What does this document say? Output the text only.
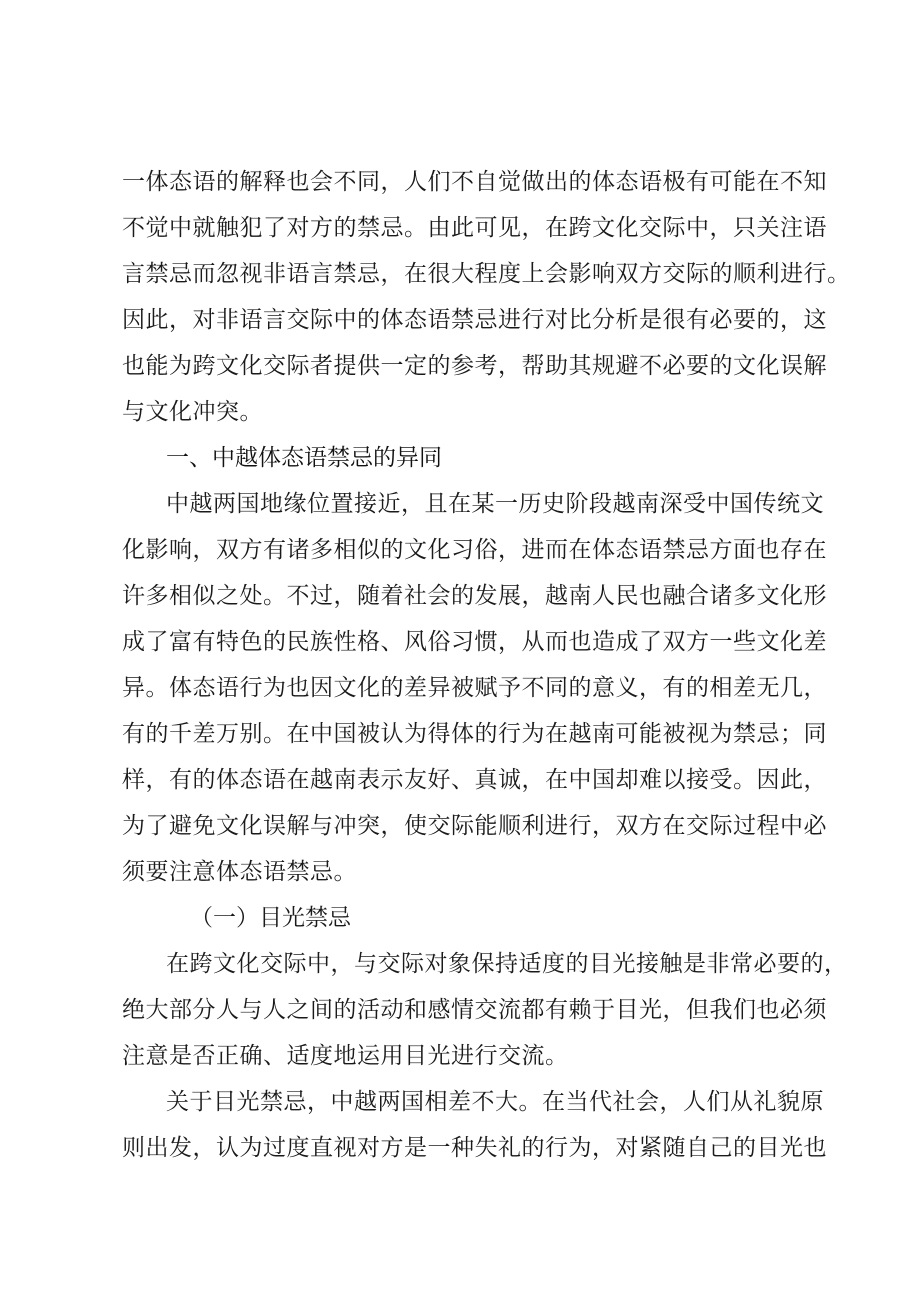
一体态语的解释也会不同，人们不自觉做出的体态语极有可能在不知
不觉中就触犯了对方的禁忌。由此可见，在跨文化交际中，只关注语
言禁忌而忽视非语言禁忌，在很大程度上会影响双方交际的顺利进行。
因此，对非语言交际中的体态语禁忌进行对比分析是很有必要的，这
也能为跨文化交际者提供一定的参考，帮助其规避不必要的文化误解
与文化冲突。
一、中越体态语禁忌的异同
中越两国地缘位置接近，且在某一历史阶段越南深受中国传统文
化影响，双方有诸多相似的文化习俗，进而在体态语禁忌方面也存在
许多相似之处。不过，随着社会的发展，越南人民也融合诸多文化形
成了富有特色的民族性格、风俗习惯，从而也造成了双方一些文化差
异。体态语行为也因文化的差异被赋予不同的意义，有的相差无几，
有的千差万别。在中国被认为得体的行为在越南可能被视为禁忌；同
样，有的体态语在越南表示友好、真诚，在中国却难以接受。因此，
为了避免文化误解与冲突，使交际能顺利进行，双方在交际过程中必
须要注意体态语禁忌。
（一）目光禁忌
在跨文化交际中，与交际对象保持适度的目光接触是非常必要的，
绝大部分人与人之间的活动和感情交流都有赖于目光，但我们也必须
注意是否正确、适度地运用目光进行交流。
关于目光禁忌，中越两国相差不大。在当代社会，人们从礼貌原
则出发，认为过度直视对方是一种失礼的行为，对紧随自己的目光也
